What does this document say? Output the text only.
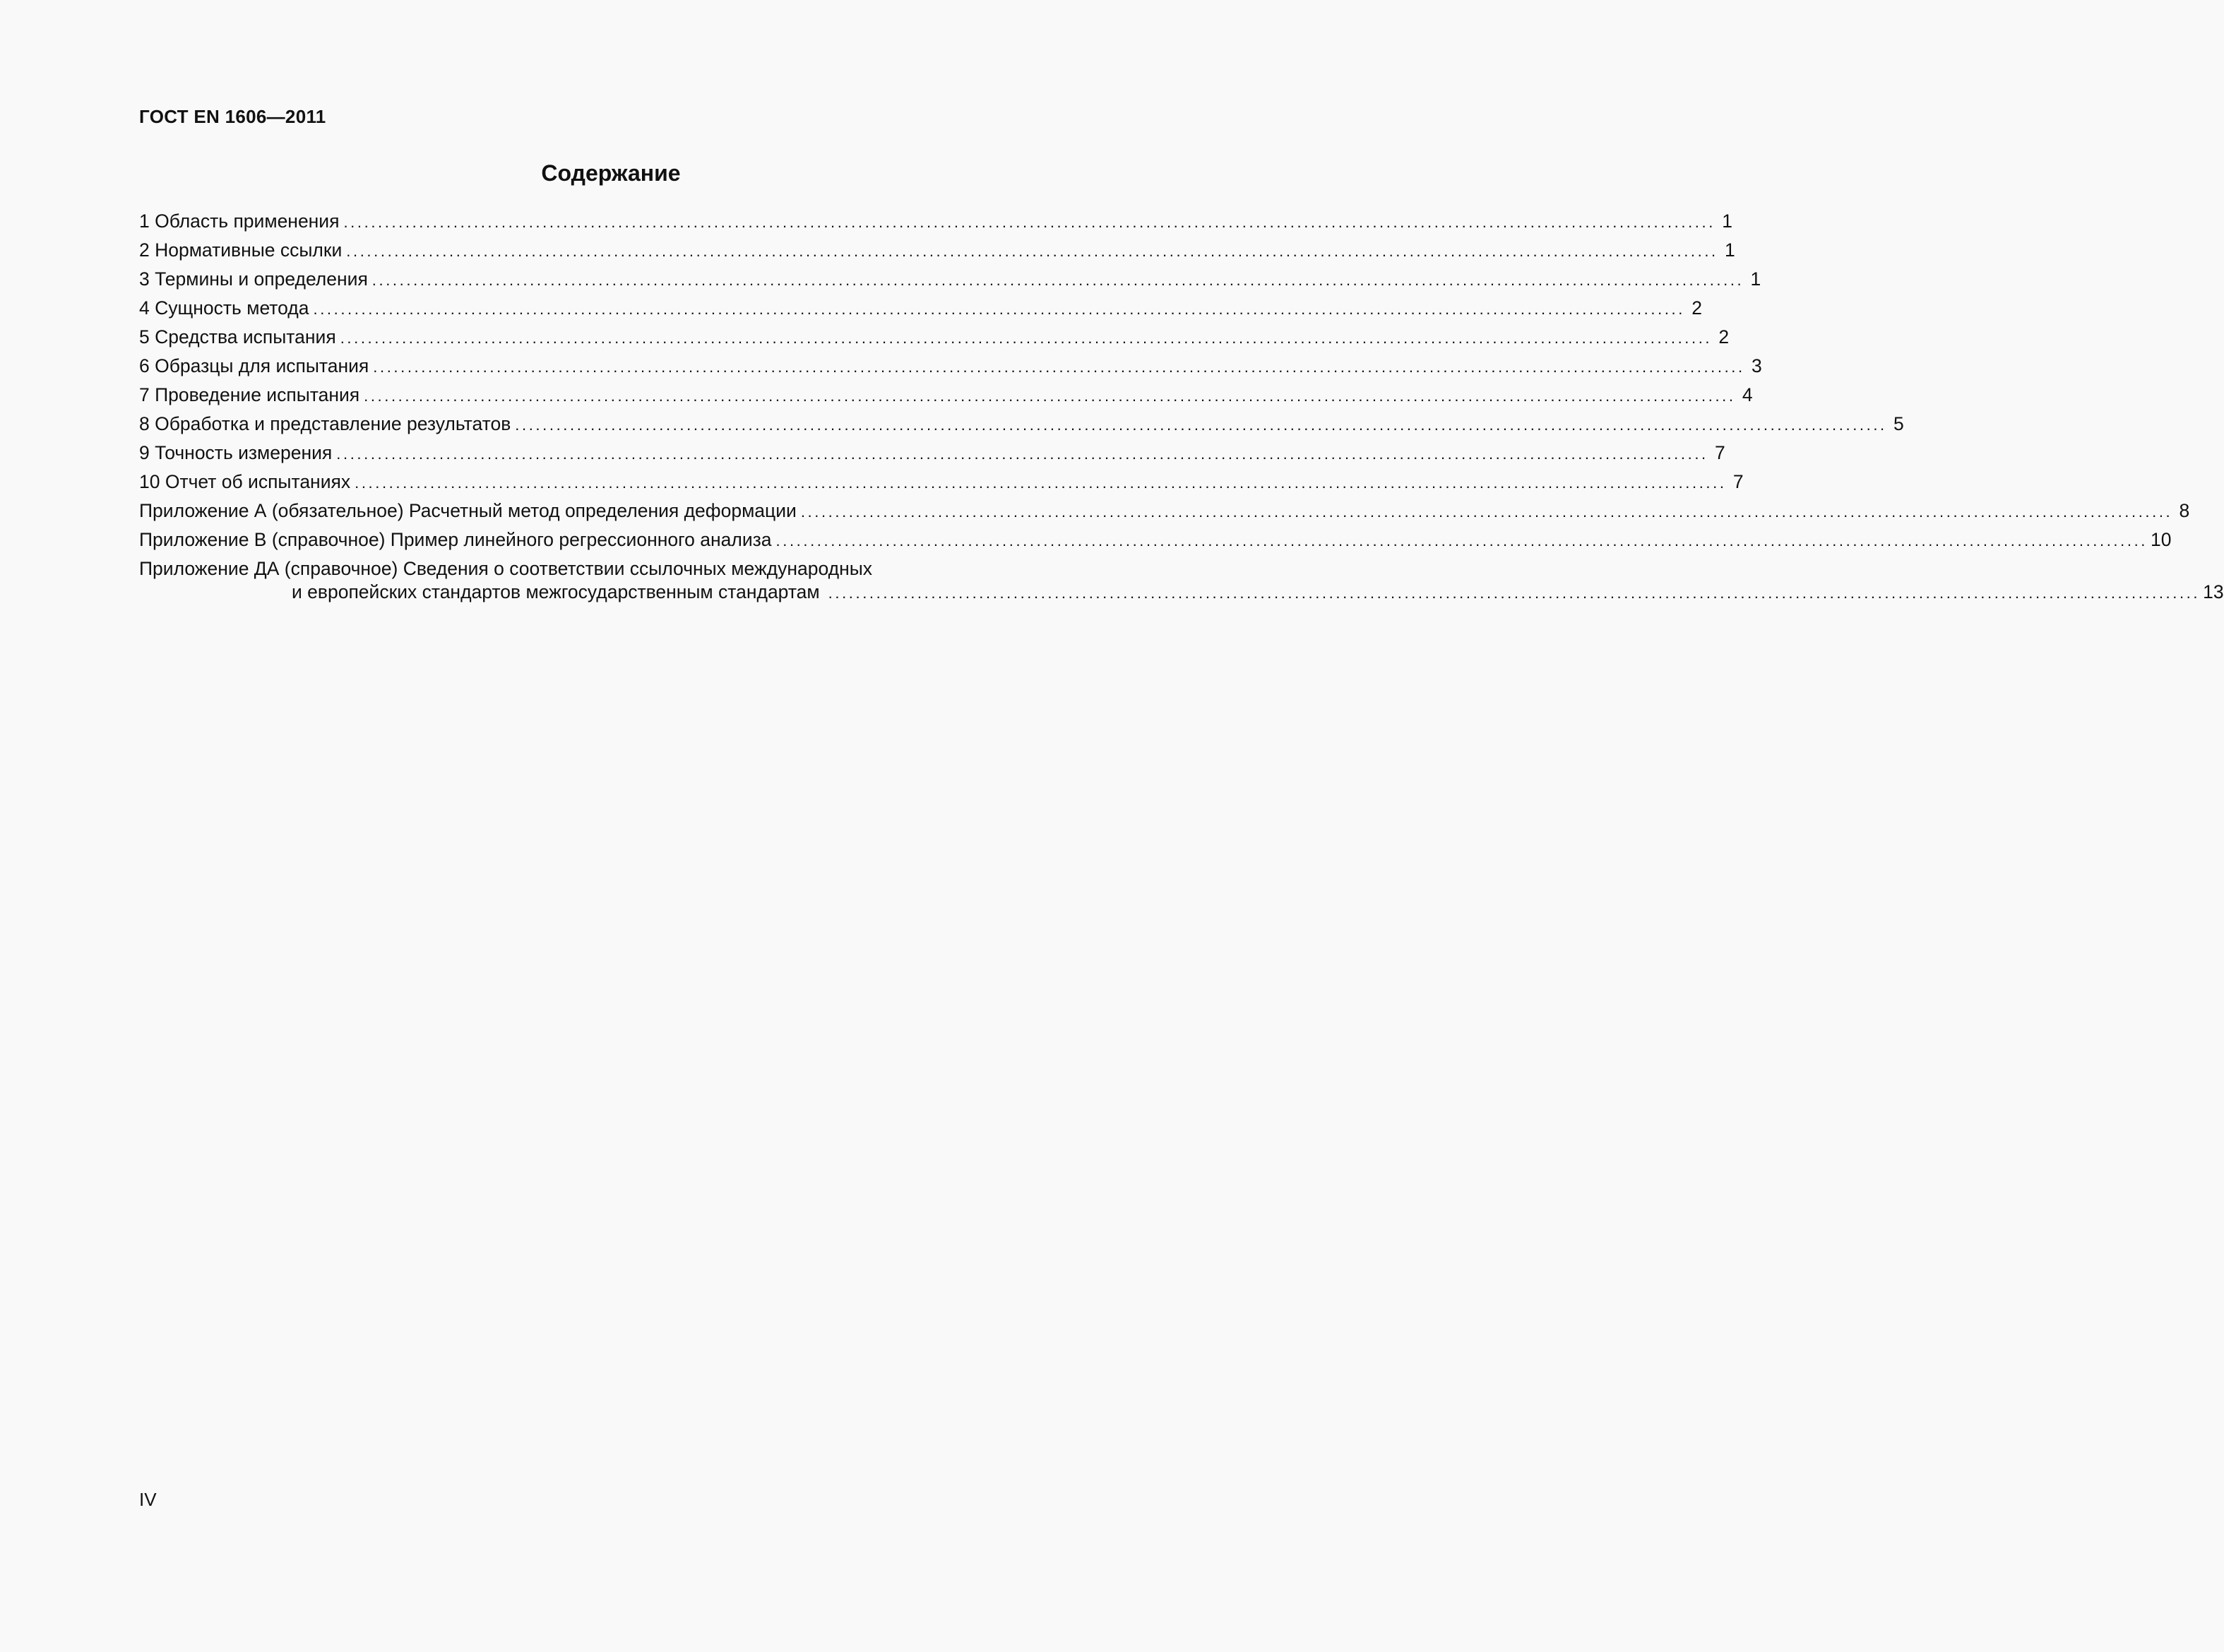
ГОСТ EN 1606—2011
Содержание
1 Область применения ........................................................................................................................................................................................................ 1
2 Нормативные ссылки ........................................................................................................................................................................................................ 1
3 Термины и определения ........................................................................................................................................................................................................ 1
4 Сущность метода ........................................................................................................................................................................................................ 2
5 Средства испытания ........................................................................................................................................................................................................ 2
6 Образцы для испытания ........................................................................................................................................................................................................ 3
7 Проведение испытания ........................................................................................................................................................................................................ 4
8 Обработка и представление результатов ........................................................................................................................................................................................................ 5
9 Точность измерения ........................................................................................................................................................................................................ 7
10 Отчет об испытаниях ........................................................................................................................................................................................................ 7
Приложение А (обязательное) Расчетный метод определения деформации ........................................................................................................................................................................................................ 8
Приложение В (справочное) Пример линейного регрессионного анализа ........................................................................................................................................................................................................ 10
Приложение ДА (справочное) Сведения о соответствии ссылочных международных
и европейских стандартов межгосударственным стандартам ........................................................................................................................................................................................................ 13
IV
